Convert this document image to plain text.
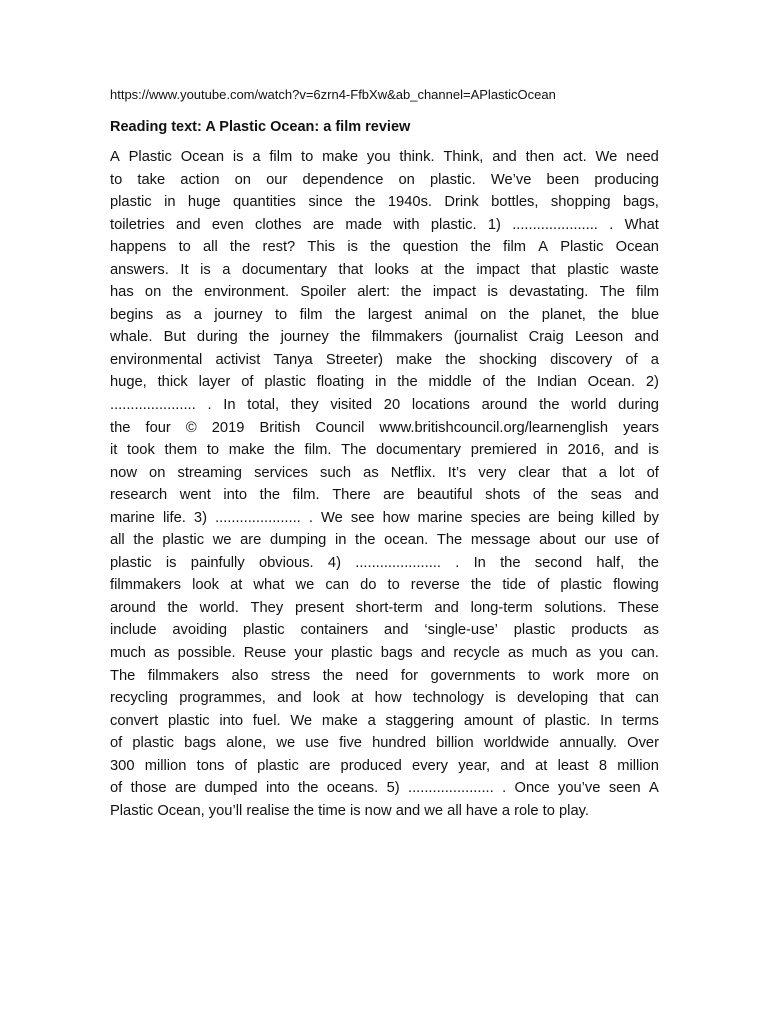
https://www.youtube.com/watch?v=6zrn4-FfbXw&ab_channel=APlasticOcean
Reading text: A Plastic Ocean: a film review
A Plastic Ocean is a film to make you think. Think, and then act. We need
to take action on our dependence on plastic. We’ve been producing
plastic in huge quantities since the 1940s. Drink bottles, shopping bags,
toiletries and even clothes are made with plastic. 1) ..................... . What
happens to all the rest? This is the question the film A Plastic Ocean
answers. It is a documentary that looks at the impact that plastic waste
has on the environment. Spoiler alert: the impact is devastating. The film
begins as a journey to film the largest animal on the planet, the blue
whale. But during the journey the filmmakers (journalist Craig Leeson and
environmental activist Tanya Streeter) make the shocking discovery of a
huge, thick layer of plastic floating in the middle of the Indian Ocean. 2)
..................... . In total, they visited 20 locations around the world during
the four © 2019 British Council www.britishcouncil.org/learnenglish years
it took them to make the film. The documentary premiered in 2016, and is
now on streaming services such as Netflix. It’s very clear that a lot of
research went into the film. There are beautiful shots of the seas and
marine life. 3) ..................... . We see how marine species are being killed by
all the plastic we are dumping in the ocean. The message about our use of
plastic is painfully obvious. 4) ..................... . In the second half, the
filmmakers look at what we can do to reverse the tide of plastic flowing
around the world. They present short-term and long-term solutions. These
include avoiding plastic containers and ‘single-use’ plastic products as
much as possible. Reuse your plastic bags and recycle as much as you can.
The filmmakers also stress the need for governments to work more on
recycling programmes, and look at how technology is developing that can
convert plastic into fuel. We make a staggering amount of plastic. In terms
of plastic bags alone, we use five hundred billion worldwide annually. Over
300 million tons of plastic are produced every year, and at least 8 million
of those are dumped into the oceans. 5) ..................... . Once you’ve seen A
Plastic Ocean, you’ll realise the time is now and we all have a role to play.
